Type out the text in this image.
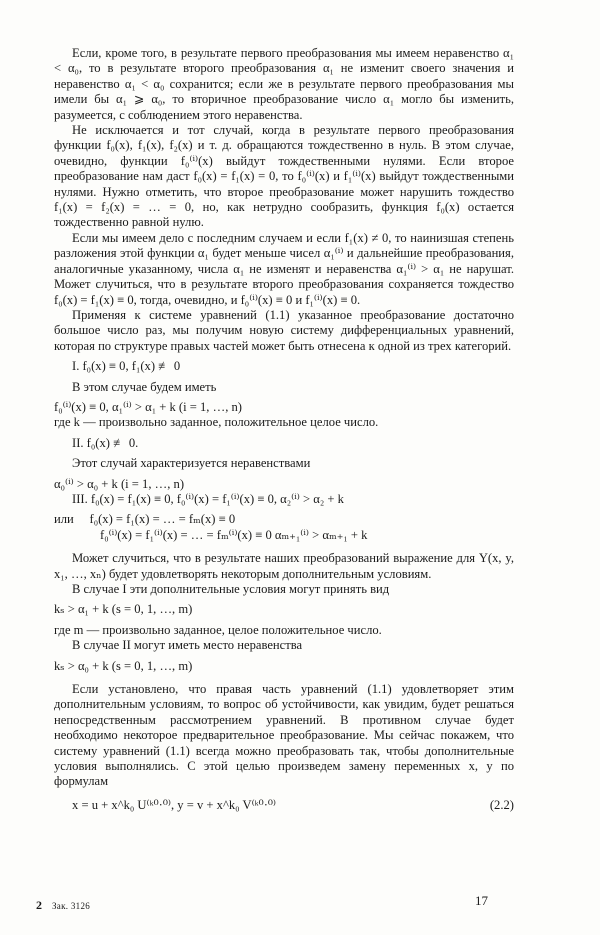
Если, кроме того, в результате первого преобразования мы имеем неравенство α₁ < α₀, то в результате второго преобразования α₁ не изменит своего значения и неравенство α₁ < α₀ сохранится; если же в результате первого преобразования мы имели бы α₁ ⩾ α₀, то вторичное преобразование число α₁ могло бы изменить, разумеется, с соблюдением этого неравенства.

Не исключается и тот случай, когда в результате первого преобразования функции f₀(x), f₁(x), f₂(x) и т. д. обращаются тождественно в нуль. В этом случае, очевидно, функции f₀⁽ⁱ⁾(x) выйдут тождественными нулями. Если второе преобразование нам даст f₀(x) = f₁(x) = 0, то f₀⁽ⁱ⁾(x) и f₁⁽ⁱ⁾(x) выйдут тождественными нулями. Нужно отметить, что второе преобразование может нарушить тождество f₁(x) = f₂(x) = … = 0, но, как нетрудно сообразить, функция f₀(x) остается тождественно равной нулю.

Если мы имеем дело с последним случаем и если f₁(x) ≠ 0, то наинизшая степень разложения этой функции α₁ будет меньше чисел α₁⁽ⁱ⁾ и дальнейшие преобразования, аналогичные указанному, числа α₁ не изменят и неравенства α₁⁽ⁱ⁾ > α₁ не нарушат. Может случиться, что в результате второго преобразования сохраняется тождество f₀(x) = f₁(x) ≡ 0, тогда, очевидно, и f₀⁽ⁱ⁾(x) ≡ 0 и f₁⁽ⁱ⁾(x) ≡ 0.

Применяя к системе уравнений (1.1) указанное преобразование достаточно большое число раз, мы получим новую систему дифференциальных уравнений, которая по структуре правых частей может быть отнесена к одной из трех категорий.

I. f₀(x) ≡ 0, f₁(x) ≢ 0

В этом случае будем иметь

f₀⁽ⁱ⁾(x) ≡ 0, α₁⁽ⁱ⁾ > α₁ + k (i = 1, …, n)

где k — произвольно заданное, положительное целое число.

II. f₀(x) ≢ 0.

Этот случай характеризуется неравенствами

α₀⁽ⁱ⁾ > α₀ + k (i = 1, …, n)

III. f₀(x) = f₁(x) ≡ 0, f₀⁽ⁱ⁾(x) = f₁⁽ⁱ⁾(x) ≡ 0, α₂⁽ⁱ⁾ > α₂ + k

или f₀(x) = f₁(x) = … = fₘ(x) ≡ 0

f₀⁽ⁱ⁾(x) = f₁⁽ⁱ⁾(x) = … = fₘ⁽ⁱ⁾(x) ≡ 0 αₘ₊₁⁽ⁱ⁾ > αₘ₊₁ + k

Может случиться, что в результате наших преобразований выражение для Y(x, y, x₁, …, xₙ) будет удовлетворять некоторым дополнительным условиям.

В случае I эти дополнительные условия могут принять вид

kₛ > α₁ + k (s = 0, 1, …, m)

где m — произвольно заданное, целое положительное число.

В случае II могут иметь место неравенства

kₛ > α₀ + k (s = 0, 1, …, m)

Если установлено, что правая часть уравнений (1.1) удовлетворяет этим дополнительным условиям, то вопрос об устойчивости, как увидим, будет решаться непосредственным рассмотрением уравнений. В противном случае будет необходимо некоторое предварительное преобразование. Мы сейчас покажем, что систему уравнений (1.1) всегда можно преобразовать так, чтобы дополнительные условия выполнялись. С этой целью произведем замену переменных x, y по формулам

x = u + x^k₀ U⁽ᵏ⁰·⁰⁾, y = v + x^k₀ V⁽ᵏ⁰·⁰⁾	(2.2)

2 Зак. 3126	17
